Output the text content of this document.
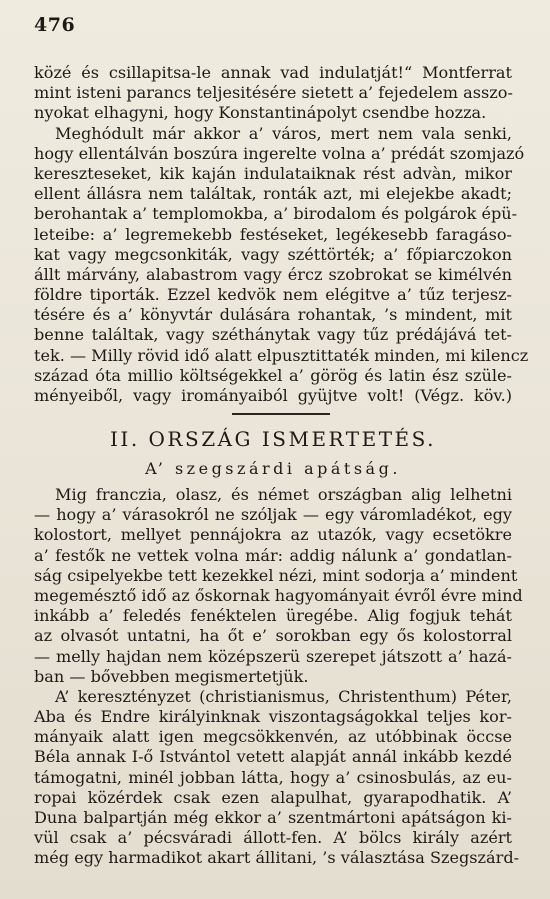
476
közé és csillapitsa-le annak vad indulatját!“ Montferrat
mint isteni parancs teljesitésére sietett a’ fejedelem asszo-
nyokat elhagyni, hogy Konstantinápolyt csendbe hozza.
Meghódult már akkor a’ város, mert nem vala senki,
hogy ellentálván boszúra ingerelte volna a’ prédát szomjazó
kereszteseket, kik kaján indulataiknak rést advàn, mikor
ellent állásra nem találtak, ronták azt, mi elejekbe akadt;
berohantak a’ templomokba, a’ birodalom és polgárok épü-
leteibe: a’ legremekebb festéseket, legékesebb faragáso-
kat vagy megcsonkiták, vagy széttörték; a’ főpiarczokon
állt márvány, alabastrom vagy ércz szobrokat se kimélvén
földre tiporták. Ezzel kedvök nem elégitve a’ tűz terjesz-
tésére és a’ könyvtár dulására rohantak, ’s mindent, mit
benne találtak, vagy széthánytak vagy tűz prédájává tet-
tek. — Milly rövid idő alatt elpusztittaték minden, mi kilencz
század óta millio költségekkel a’ görög és latin ész szüle-
ményeiből, vagy irományaiból gyüjtve volt! (Végz. köv.)
II. ORSZÁG ISMERTETÉS.
A’ szegszárdi apátság.
Mig franczia, olasz, és német országban alig lelhetni
— hogy a’ várasokról ne szóljak — egy váromladékot, egy
kolostort, mellyet pennájokra az utazók, vagy ecsetökre
a’ festők ne vettek volna már: addig nálunk a’ gondatlan-
ság csipelyekbe tett kezekkel nézi, mint sodorja a’ mindent
megemésztő idő az őskornak hagyományait évről évre mind
inkább a’ feledés fenéktelen üregébe. Alig fogjuk tehát
az olvasót untatni, ha őt e’ sorokban egy ős kolostorral
— melly hajdan nem középszerü szerepet játszott a’ hazá-
ban — bővebben megismertetjük.
A’ keresztényzet (christianismus, Christenthum) Péter,
Aba és Endre királyinknak viszontagságokkal teljes kor-
mányaik alatt igen megcsökkenvén, az utóbbinak öccse
Béla annak I-ő Istvántol vetett alapját annál inkább kezdé
támogatni, minél jobban látta, hogy a’ csinosbulás, az eu-
ropai közérdek csak ezen alapulhat, gyarapodhatik. A’
Duna balpartján még ekkor a’ szentmártoni apátságon ki-
vül csak a’ pécsváradi állott-fen. A’ bölcs király azért
még egy harmadikot akart állitani, ’s választása Szegszárd-
